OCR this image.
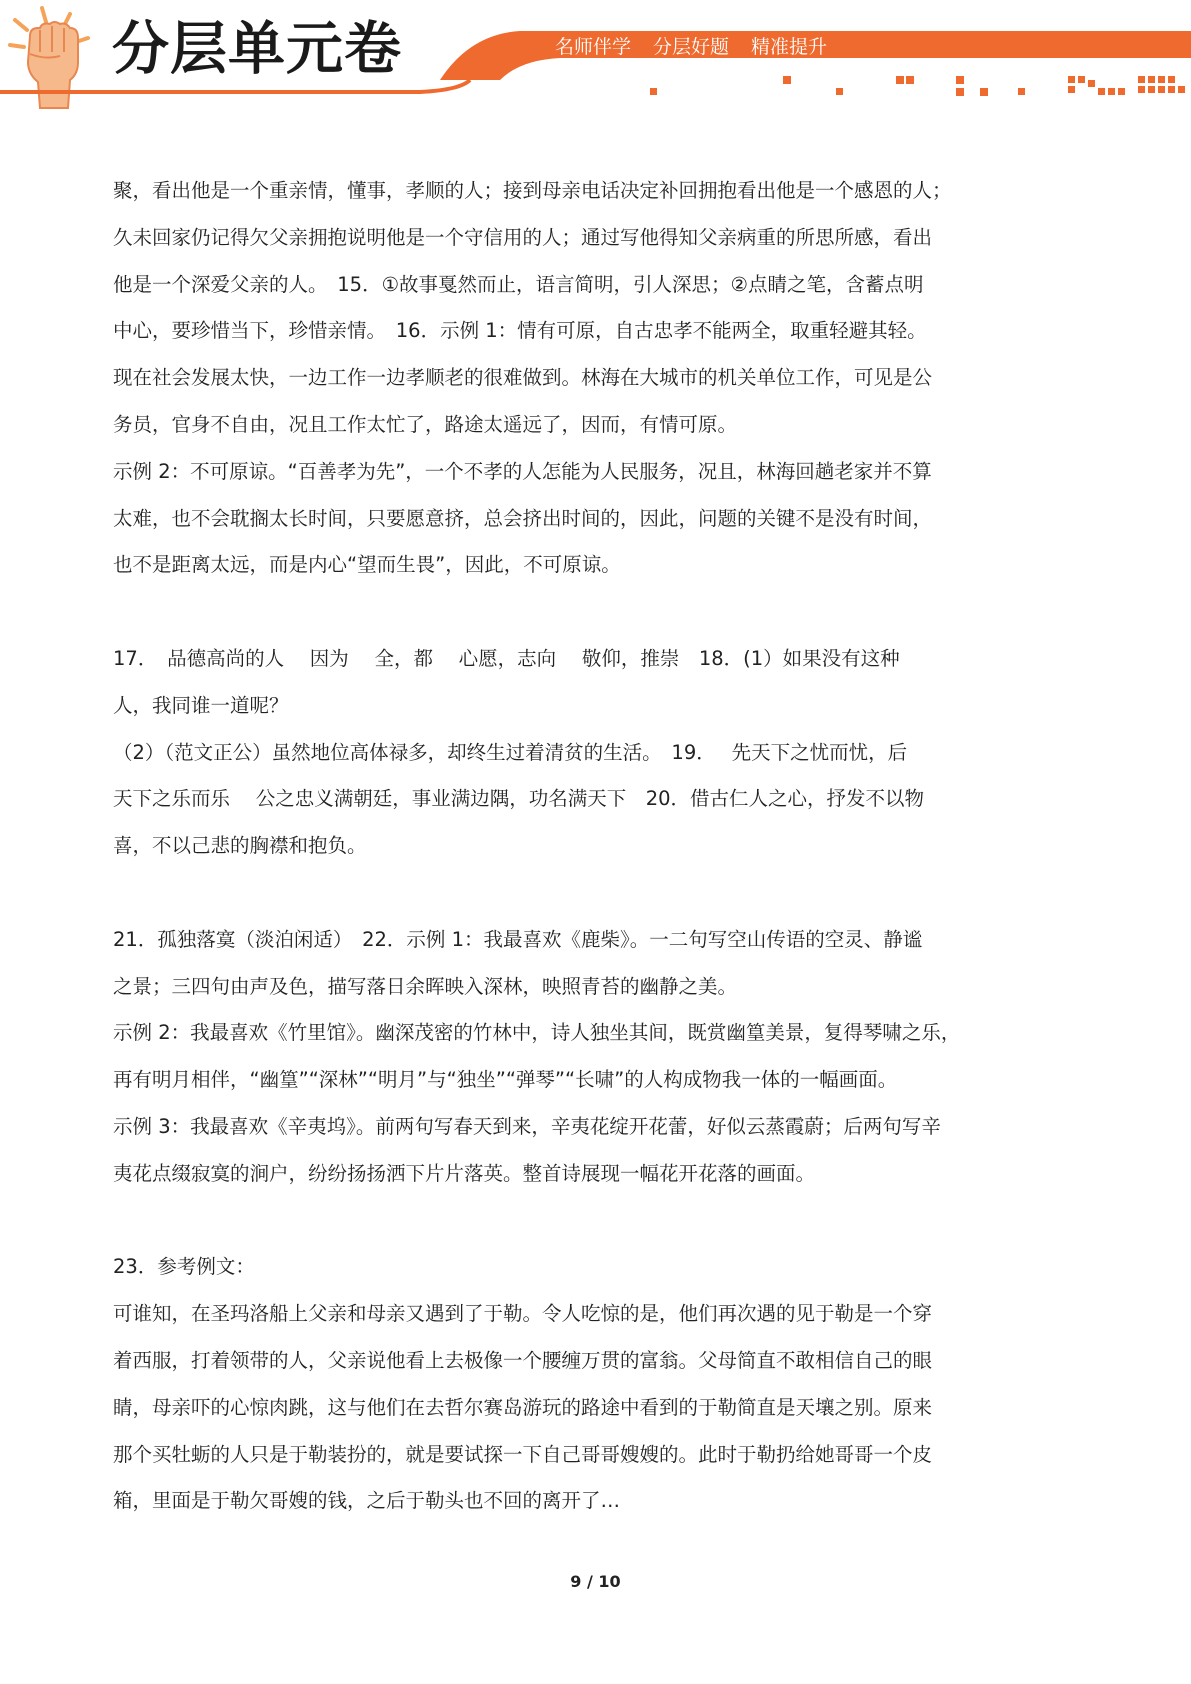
分层单元卷	名师伴学 分层好题 精准提升

聚，看出他是一个重亲情，懂事，孝顺的人；接到母亲电话决定补回拥抱看出他是一个感恩的人；

久未回家仍记得欠父亲拥抱说明他是一个守信用的人；通过写他得知父亲病重的所思所感，看出

他是一个深爱父亲的人。　15．①故事戛然而止，语言简明，引人深思；②点睛之笔，含蓄点明

中心，要珍惜当下，珍惜亲情。　16．示例 1：情有可原，自古忠孝不能两全，取重轻避其轻。

现在社会发展太快，一边工作一边孝顺老的很难做到。林海在大城市的机关单位工作，可见是公

务员，官身不自由，况且工作太忙了，路途太遥远了，因而，有情可原。

示例 2：不可原谅。“百善孝为先”，一个不孝的人怎能为人民服务，况且，林海回趟老家并不算

太难，也不会耽搁太长时间，只要愿意挤，总会挤出时间的，因此，问题的关键不是没有时间，

也不是距离太远，而是内心“望而生畏”，因此，不可原谅。

17．　品德高尚的人　 因为　 全，都　 心愿，志向　 敬仰，推崇　18．(1）如果没有这种

人，我同谁一道呢？

（2）（范文正公）虽然地位高体禄多，却终生过着清贫的生活。　19．　 先天下之忧而忧，后

天下之乐而乐　 公之忠义满朝廷，事业满边隅，功名满天下　20．借古仁人之心，抒发不以物

喜，不以己悲的胸襟和抱负。

21．孤独落寞（淡泊闲适）　22．示例 1：我最喜欢《鹿柴》。一二句写空山传语的空灵、静谧

之景；三四句由声及色，描写落日余晖映入深林，映照青苔的幽静之美。

示例 2：我最喜欢《竹里馆》。幽深茂密的竹林中，诗人独坐其间，既赏幽篁美景，复得琴啸之乐，

再有明月相伴，“幽篁”“深林”“明月”与“独坐”“弹琴”“长啸”的人构成物我一体的一幅画面。

示例 3：我最喜欢《辛夷坞》。前两句写春天到来，辛夷花绽开花蕾，好似云蒸霞蔚；后两句写辛

夷花点缀寂寞的涧户，纷纷扬扬洒下片片落英。整首诗展现一幅花开花落的画面。

23．参考例文：

可谁知，在圣玛洛船上父亲和母亲又遇到了于勒。令人吃惊的是，他们再次遇的见于勒是一个穿

着西服，打着领带的人，父亲说他看上去极像一个腰缠万贯的富翁。父母简直不敢相信自己的眼

睛，母亲吓的心惊肉跳，这与他们在去哲尔赛岛游玩的路途中看到的于勒简直是天壤之别。原来

那个买牡蛎的人只是于勒装扮的，就是要试探一下自己哥哥嫂嫂的。此时于勒扔给她哥哥一个皮

箱，里面是于勒欠哥嫂的钱，之后于勒头也不回的离开了…

9 / 10
